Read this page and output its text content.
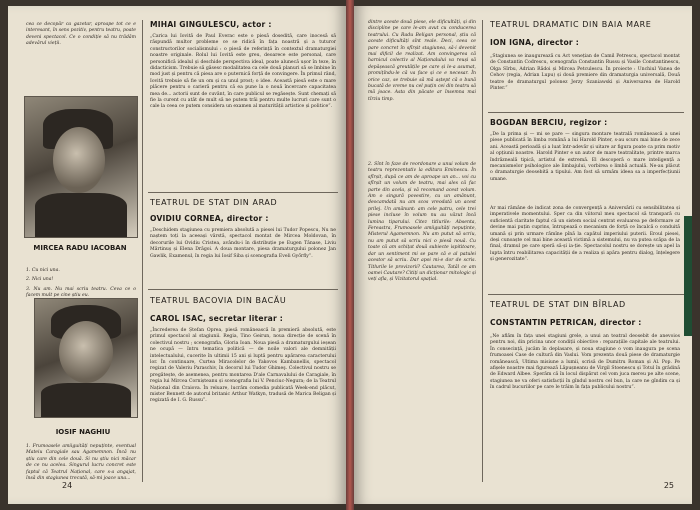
cea ce decopăr ca gazetar, aproape tot ce e interesant, în sens pozitiv, pentru teatru, poate deveni spectacol. Ce o condiție să nu trădăm adevărul vieții.
MIRCEA RADU IACOBAN

1. Cu nici una.

2. Nici una!

3. Nu am. Nu mai scriu teatru. Ceva ce o facem mult pe cine știu eu.

IOSIF NAGHIU
1. Frumoasele amiiguități nepuținte, eventual Mateiu Caragiale sau Agamemnon. Încă nu știu care din cele două. Si nu știu nici măcar de ce nu acelea. Singurul lucru concret este faptul că Teatrul Național, care s-a angajat, însă din stagiunea trecută, să-mi joace una...
MIHAI GINGULESCU, actor :
„Carica lui Iovită de Paul Everac este o piesă dosedită, care inocesă să răspundă multor probleme ce se ridică în fața noastră și a tuturor constructorilor socialismului : o piesă de referință în contextul dramaturgiei noastre originale. Rolul lui Iovită este greu, deoarece este personal, care personifică idealul și deschide perspectiva ideal, poate alunecă ușor în teze, în didacticism. Trebuie să găsesc modalitatea ca cele două planuri să se îmbine în mod just și pentru că piesa are o puternică forță de convingere. În primul rând, Iovită trebuie să fie un om și ca unul prost; o idee. Această piesă este o mare plăcere pentru o carieră pentru că ea pune la o nouă încercare capacitatea mea de... actorii sunt de cuvânt, în care publicul se regăsește. Sunt chemați să fie la curent cu atât de mult să ne putem trăi pentru multe lucruri care sunt o cale la ceea ce putem considera un examen al maturității artistice și politice”.
TEATRUL DE STAT DIN ARAD
OVIDIU CORNEA, director :
„Deschidem stagiunea cu premiera absolută a piesei lui Tudor Popescu, Nu ne naștem toți la aceeași vârstă, spectacol montat de Mircea Moldovan, în decorurile lui Ovidiu Cristea, avându-i în distribuție pe Eugen Tănase, Liviu Mărtinuș și Elena Drăgoi. A doua montare, piesa dramaturgului polonez Jan Gawlik, Examenul, în regia lui Iosif Siba și scenografia Eveli Győrfly”.
TEATRUL BACOVIA DIN BACĂU
CAROL ISAC, secretar literar :
„Încrederea de Ștefan Oprea, piesă românească în premieră absolută, este primul spectacol al stagiunii. Regia, Tino Geirun, noua direcție de scenă în colectivul nostru ; scenografia, Gloria Ioan. Noua piesă a dramaturgului ieșean ne ocupă — întru tematica politică — de noile valori ale demnității intelectualului, cucerite în ultimii 15 ani și luptă pentru apărarea caracterului lor. În continuare, Curtea Miracolelor de Yakovos Kambanellis, spectacol regizat de Valeriu Paraschiv, în decorul lui Tudor Ghimeş. Colectivul nostru se pregătește, de asemenea, pentru montarea D'ale Carnavalului de Caragiale, în regia lui Mircea Cornișteanu și scenografia lui V. Penciuc-Negura; de la Teatrul Național din Craiova. În reluare, lucrăm comedia publicată Week-end plăcut, mister Bennett de autorul britanic Arthur Watkyn, tradusă de Marica Beligan și regizată de I. G. Russu”.
24
dintre aceste două piese, ele dificultăți, și din discipline pe care le-am avut cu conducerea teatrului. Cu Radu Beligan personal, știu că aceste dificultăți sînt reale. Deci, ceea ce pare concret în sfîrșit stagiunea, să-i devenit mai dificil de realizat. Am convingerea că harnicul colectiv al Naționalului va reuși să depășească greutățile pe care și le-a asumat, promițîndu-le că va face și ce e necesar. În orice caz, se trebuie să mă aștept că o bună bucată de vreme nu cel puțin cei din teatru să mă joace. Asta din păcate ar însemna mai tîrziu timp.
2. Sînt în faze de reordonare a unui volum de teatru reprezentativ la editura Eminescu. În sfîrșit, după ce am de aproape un an... voi cu sfîrșit un volum de teatru, mai ales că fac parte din acela, și vă recomand acest volum. Am o singură povestire, cu un amănunt, deocamdată nu am scos vreodată un acest prilej. Un amănunt: am cele patru, cele trei piese incluse în volum nu au văzut încă lumina tiparului. Citez titlurile: Absenta, Fereastra, Frumoasele amiiguități nepuținte, Misterul Agamemnon. Nu am putut să scriu, nu am putut să scriu nici o piesă nouă. Cu toate că am schițat două subiecte ispititoare, dar un sentiment mi se pare că e al patulei acestor să scriu. Dar apoi mi-e dor de scris. Titlurile le provizorii? Cautarea, Tatăl ce am oamei Cautare? Citiți un dicționar mitologic și veți afla, și Vizitatorul spațial.
TEATRUL DRAMATIC DIN BAIA MARE
ION IGNA, director :
„Stagiunea se inaugurează cu Act venețian de Camil Petrescu, spectacol montat de Constantin Codrescu, scenografia Constantin Russu și Vasile Constantinescu, Olga Sîrbu, Adrian Rădoi și Mircea Petculescu. În proiecte : Unchiul Vanea de Cehov (regia, Adrian Lupu) și două premiere din dramaturgia universală, Două teatre de dramaturgul polonez Jerzy Szaniawski și Aniversarea de Harold Pinter.”
BOGDAN BERCIU, regizor :
„De la prima și — mi se pare — singura montare teatrală românească a unei piese publicată în limba română a lui Harold Pinter, s-au scurs mai bine de zece ani. Această perioadă și a luat într-adevăr și uitare ar figura poate ca prim motiv al opțiunii noastre. Harold Pinter e un autor de mare teatralitate, printre marca îndrăzneală tipică, artistul de extremă. El descoperă o mare inteligență a mecanismelor psihologice ale limbajului, vorbirea o limbă actuală. Ne-au plăcut o dramaturgie deosebită a tipului. Am fost să urmăm ideea sa a imperfecțiunii umane.
Ar mai rămâne de indicat zona de convergență a Aniversării cu sensibilitatea și imperativele momentului. Sper ca din viitorul meu spectacol să transpară cu suficientă claritate faptul că un sistem social centrat evaluarea pe deformare ar devine mai puțin cuprins, întrupează o mecanism de forță ce încalcă o conduită umană și prin urmare rămîne pînă la capătul imperiului puterii. Eroul piesei, deși cunoaște cel mai bine această victimă a sistemului, nu va putea scăpa de la final, dramul pe care speră să-și ia-ție. Spectacolul nostru se dorește un apel la lupta întru reabilitarea capacității de a realiza și apăra pentru dialog, înțelegere și generozitate”.
TEATRUL DE STAT DIN BÎRLAD
CONSTANTIN PETRICAN, director :
„Ne aflăm în fața unei stagiuni grele, a unui an teatral deosebit de anevoios pentru noi, din pricina unor condiții obiective : reparațiile capitale ale teatrului. În consecință, jucăm în deplasare, și noua stagiune o vom inaugura pe scena frumoasei Case de cultură din Vaslui. Vom prezenta două piese de dramaturgie românească, Ultima misiune a lumii, scrisă de Dumitru Roman și Al. Pop. Pe afișele noastre mai figurează Lăpușneanu de Virgil Stoenescu și Totul în grădină de Edward Albee. Sperăm că în locul dispărut cel vom juca mereu pe alte scene, stagiunea ne va oferi satisfacții în gîndul nostru cel bun, la care ne gîndim ca și în cadrul bucuriilor pe care le trăim în fața publicului nostru”.
25
